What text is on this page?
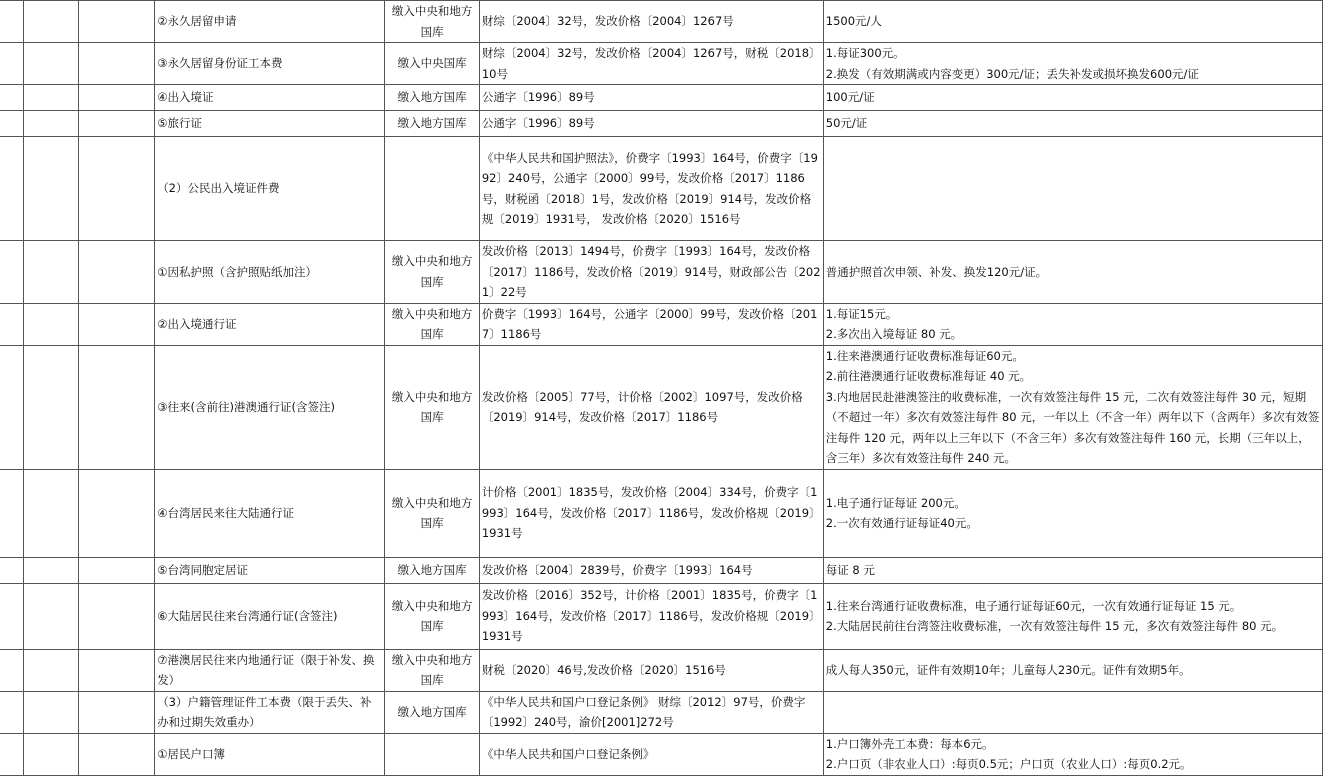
			②永久居留申请	缴入中央和地方国库	财综〔2004〕32号，发改价格〔2004〕1267号	1500元/人

			③永久居留身份证工本费	缴入中央国库	财综〔2004〕32号，发改价格〔2004〕1267号，财税〔2018〕10号	1.每证300元。
2.换发（有效期满或内容变更）300元/证；丢失补发或损坏换发600元/证

			④出入境证	缴入地方国库	公通字〔1996〕89号	100元/证

			⑤旅行证	缴入地方国库	公通字〔1996〕89号	50元/证

			（2）公民出入境证件费		《中华人民共和国护照法》，价费字〔1993〕164号，价费字〔1992〕240号，公通字〔2000〕99号，发改价格〔2017〕1186号，财税函〔2018〕1号，发改价格〔2019〕914号，发改价格规〔2019〕1931号， 发改价格〔2020〕1516号	
			①因私护照（含护照贴纸加注）	缴入中央和地方国库	发改价格〔2013〕1494号，价费字〔1993〕164号，发改价格〔2017〕1186号，发改价格〔2019〕914号，财政部公告〔2021〕22号	普通护照首次申领、补发、换发120元/证。

			②出入境通行证	缴入中央和地方国库	价费字〔1993〕164号，公通字〔2000〕99号，发改价格〔2017〕1186号	1.每证15元。
2.多次出入境每证 80 元。

			③往来(含前往)港澳通行证(含签注)	缴入中央和地方国库	发改价格〔2005〕77号，计价格〔2002〕1097号，发改价格〔2019〕914号，发改价格〔2017〕1186号	1.往来港澳通行证收费标准每证60元。
2.前往港澳通行证收费标准每证 40 元。
3.内地居民赴港澳签注的收费标准，一次有效签注每件 15 元，二次有效签注每件 30 元，短期（不超过一年）多次有效签注每件 80 元，一年以上（不含一年）两年以下（含两年）多次有效签注每件 120 元，两年以上三年以下（不含三年）多次有效签注每件 160 元，长期（三年以上，含三年）多次有效签注每件 240 元。

			④台湾居民来往大陆通行证	缴入中央和地方国库	计价格〔2001〕1835号，发改价格〔2004〕334号，价费字〔1993〕164号，发改价格〔2017〕1186号，发改价格规〔2019〕1931号	1.电子通行证每证 200元。
2.一次有效通行证每证40元。

			⑤台湾同胞定居证	缴入地方国库	发改价格〔2004〕2839号，价费字〔1993〕164号	每证 8 元

			⑥大陆居民往来台湾通行证(含签注)	缴入中央和地方国库	发改价格〔2016〕352号，计价格〔2001〕1835号，价费字〔1993〕164号，发改价格〔2017〕1186号，发改价格规〔2019〕1931号	1.往来台湾通行证收费标准，电子通行证每证60元，一次有效通行证每证 15 元。
2.大陆居民前往台湾签注收费标准，一次有效签注每件 15 元，多次有效签注每件 80 元。

			⑦港澳居民往来内地通行证（限于补发、换发）	缴入中央和地方国库	财税〔2020〕46号,发改价格〔2020〕1516号	成人每人350元，证件有效期10年；儿童每人230元。证件有效期5年。

			（3）户籍管理证件工本费（限于丢失、补办和过期失效重办）	缴入地方国库	《中华人民共和国户口登记条例》 财综〔2012〕97号，价费字〔1992〕240号，渝价[2001]272号	
			①居民户口簿		《中华人民共和国户口登记条例》	1.户口簿外壳工本费：每本6元。
2.户口页（非农业人口）:每页0.5元；户口页（农业人口）:每页0.2元。
